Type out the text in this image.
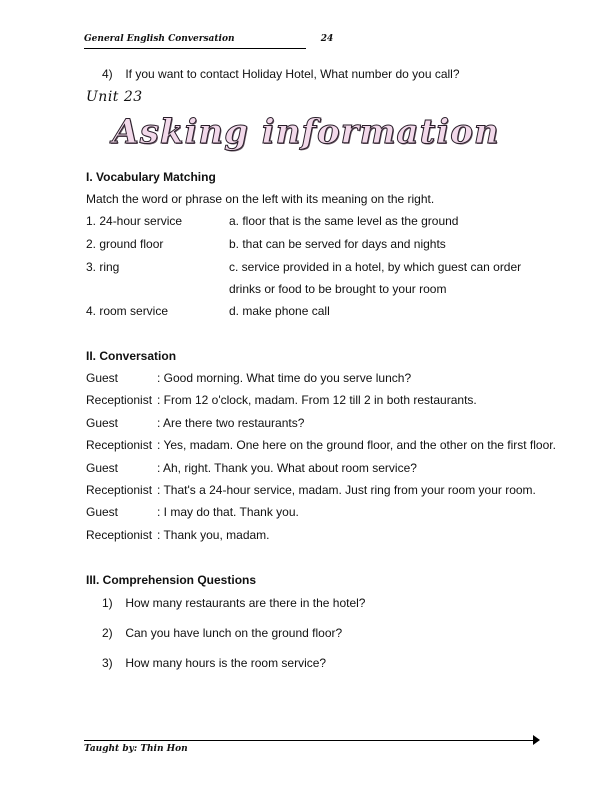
General English Conversation	24
4) If you want to contact Holiday Hotel, What number do you call?
Unit 23
Asking information
I. Vocabulary Matching
Match the word or phrase on the left with its meaning on the right.
1. 24-hour service	a. floor that is the same level as the ground
2. ground floor	b. that can be served for days and nights
3. ring	c. service provided in a hotel, by which guest can order drinks or food to be brought to your room
4. room service	d. make phone call
II. Conversation
Guest	: Good morning. What time do you serve lunch?
Receptionist : From 12 o'clock, madam. From 12 till 2 in both restaurants.
Guest	: Are there two restaurants?
Receptionist : Yes, madam. One here on the ground floor, and the other on the first floor.
Guest	: Ah, right. Thank you. What about room service?
Receptionist : That's a 24-hour service, madam. Just ring from your room your room.
Guest	: I may do that. Thank you.
Receptionist : Thank you, madam.
III. Comprehension Questions
1) How many restaurants are there in the hotel?
2) Can you have lunch on the ground floor?
3) How many hours is the room service?
Taught by: Thin Hon
